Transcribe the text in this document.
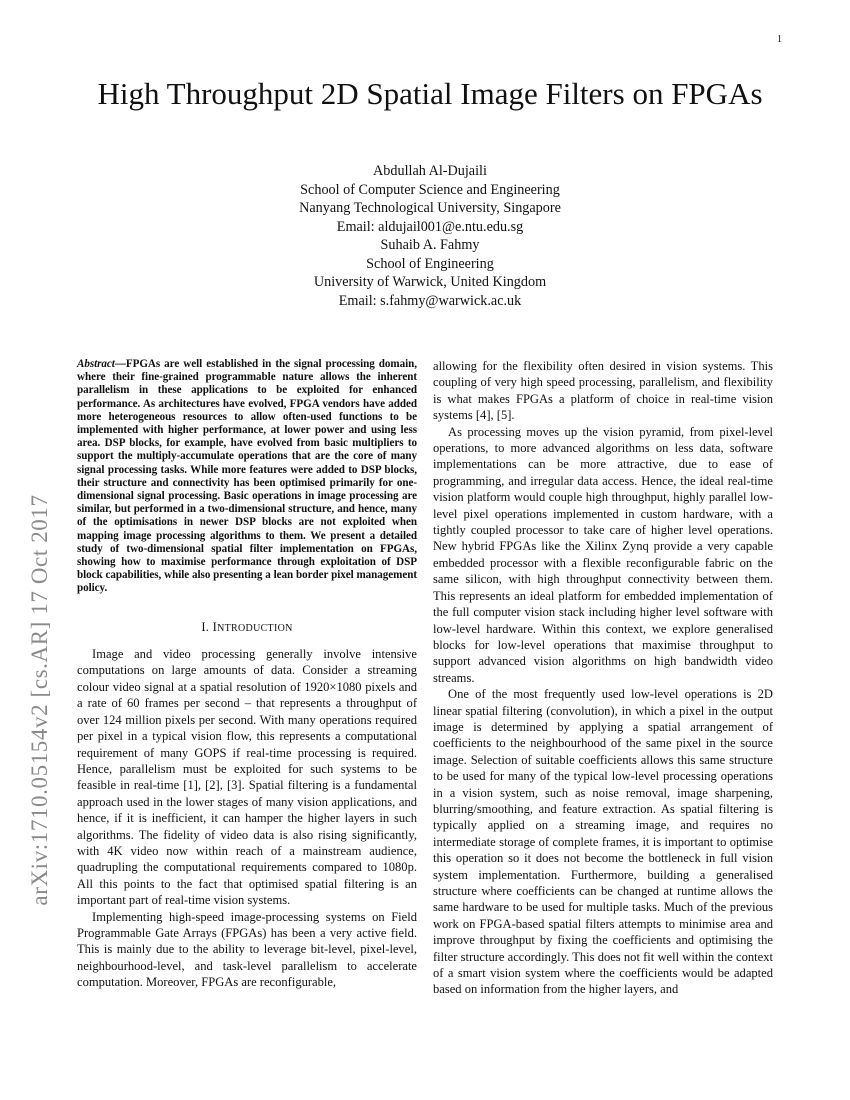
1
arXiv:1710.05154v2 [cs.AR] 17 Oct 2017
High Throughput 2D Spatial Image Filters on FPGAs
Abdullah Al-Dujaili
School of Computer Science and Engineering
Nanyang Technological University, Singapore
Email: aldujail001@e.ntu.edu.sg
Suhaib A. Fahmy
School of Engineering
University of Warwick, United Kingdom
Email: s.fahmy@warwick.ac.uk

Abstract—FPGAs are well established in the signal processing domain, where their fine-grained programmable nature allows the inherent parallelism in these applications to be exploited for enhanced performance. As architectures have evolved, FPGA vendors have added more heterogeneous resources to allow often-used functions to be implemented with higher performance, at lower power and using less area. DSP blocks, for example, have evolved from basic multipliers to support the multiply-accumulate operations that are the core of many signal processing tasks. While more features were added to DSP blocks, their structure and connectivity has been optimised primarily for one-dimensional signal processing. Basic operations in image processing are similar, but performed in a two-dimensional structure, and hence, many of the optimisations in newer DSP blocks are not exploited when mapping image processing algorithms to them. We present a detailed study of two-dimensional spatial filter implementation on FPGAs, showing how to maximise performance through exploitation of DSP block capabilities, while also presenting a lean border pixel management policy.

I. INTRODUCTION

Image and video processing generally involve intensive computations on large amounts of data. Consider a streaming colour video signal at a spatial resolution of 1920×1080 pixels and a rate of 60 frames per second – that represents a throughput of over 124 million pixels per second. With many operations required per pixel in a typical vision flow, this represents a computational requirement of many GOPS if real-time processing is required. Hence, parallelism must be exploited for such systems to be feasible in real-time [1], [2], [3]. Spatial filtering is a fundamental approach used in the lower stages of many vision applications, and hence, if it is inefficient, it can hamper the higher layers in such algorithms. The fidelity of video data is also rising significantly, with 4K video now within reach of a mainstream audience, quadrupling the computational requirements compared to 1080p. All this points to the fact that optimised spatial filtering is an important part of real-time vision systems.

Implementing high-speed image-processing systems on Field Programmable Gate Arrays (FPGAs) has been a very active field. This is mainly due to the ability to leverage bit-level, pixel-level, neighbourhood-level, and task-level parallelism to accelerate computation. Moreover, FPGAs are reconfigurable,

allowing for the flexibility often desired in vision systems. This coupling of very high speed processing, parallelism, and flexibility is what makes FPGAs a platform of choice in real-time vision systems [4], [5].

As processing moves up the vision pyramid, from pixel-level operations, to more advanced algorithms on less data, software implementations can be more attractive, due to ease of programming, and irregular data access. Hence, the ideal real-time vision platform would couple high throughput, highly parallel low-level pixel operations implemented in custom hardware, with a tightly coupled processor to take care of higher level operations. New hybrid FPGAs like the Xilinx Zynq provide a very capable embedded processor with a flexible reconfigurable fabric on the same silicon, with high throughput connectivity between them. This represents an ideal platform for embedded implementation of the full computer vision stack including higher level software with low-level hardware. Within this context, we explore generalised blocks for low-level operations that maximise throughput to support advanced vision algorithms on high bandwidth video streams.

One of the most frequently used low-level operations is 2D linear spatial filtering (convolution), in which a pixel in the output image is determined by applying a spatial arrangement of coefficients to the neighbourhood of the same pixel in the source image. Selection of suitable coefficients allows this same structure to be used for many of the typical low-level processing operations in a vision system, such as noise removal, image sharpening, blurring/smoothing, and feature extraction. As spatial filtering is typically applied on a streaming image, and requires no intermediate storage of complete frames, it is important to optimise this operation so it does not become the bottleneck in full vision system implementation. Furthermore, building a generalised structure where coefficients can be changed at runtime allows the same hardware to be used for multiple tasks. Much of the previous work on FPGA-based spatial filters attempts to minimise area and improve throughput by fixing the coefficients and optimising the filter structure accordingly. This does not fit well within the context of a smart vision system where the coefficients would be adapted based on information from the higher layers, and
